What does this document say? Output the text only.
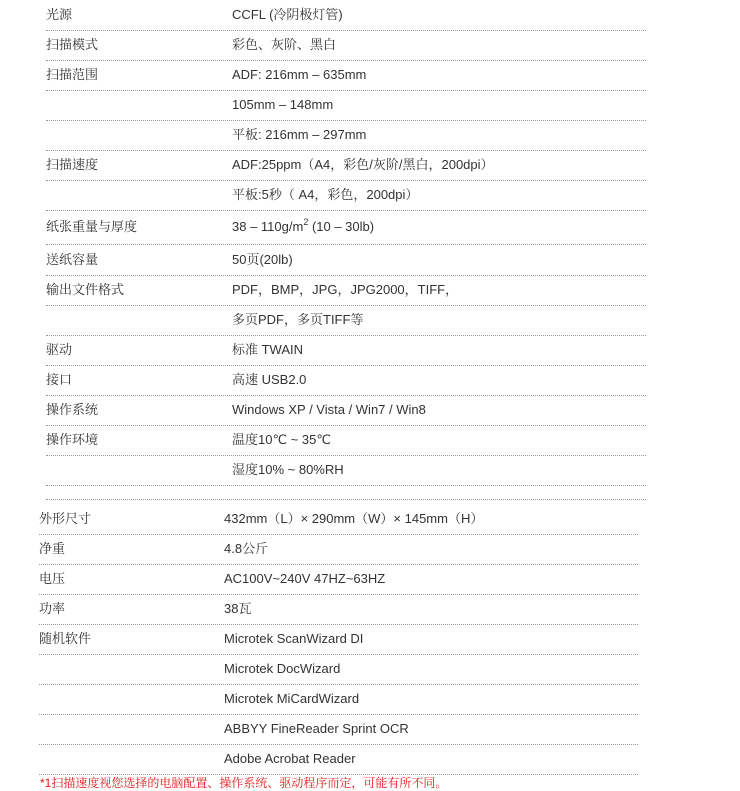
光源	CCFL (冷阴极灯管)
扫描模式	彩色、灰阶、黑白
扫描范围	ADF: 216mm – 635mm
105mm – 148mm
平板: 216mm – 297mm
扫描速度	ADF:25ppm（A4，彩色/灰阶/黑白，200dpi）
平板:5秒（ A4，彩色，200dpi）
纸张重量与厚度	$38 - 110g/m^2$ (10 – 30lb)
送纸容量	50页(20lb)
输出文件格式	PDF，BMP，JPG，JPG2000，TIFF，
多页PDF，多页TIFF等
驱动	标准 TWAIN
接口	高速 USB2.0
操作系统	Windows XP / Vista / Win7 / Win8
操作环境	温度10℃ ~ 35℃
湿度10% ~ 80%RH
外形尺寸	432mm（L）× 290mm（W）× 145mm（H）
净重	4.8公斤
电压	AC100V~240V 47HZ~63HZ
功率	38瓦
随机软件	Microtek ScanWizard DI
Microtek DocWizard
Microtek MiCardWizard
ABBYY FineReader Sprint OCR
Adobe Acrobat Reader
*1扫描速度视您选择的电脑配置、操作系统、驱动程序而定，可能有所不同。
